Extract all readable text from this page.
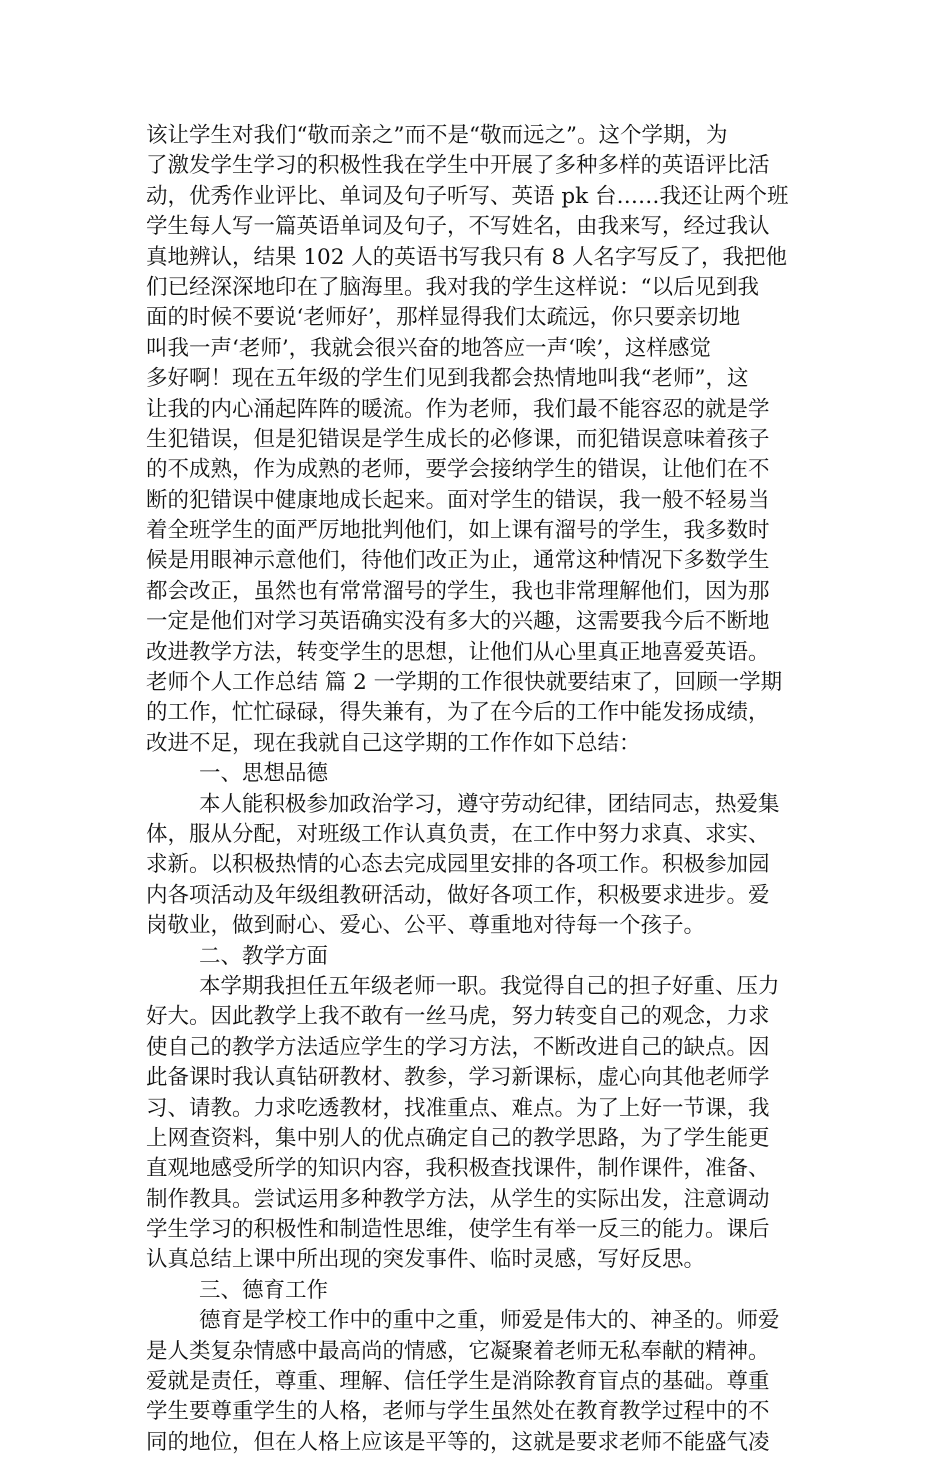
该让学生对我们“敬而亲之”而不是“敬而远之”。这个学期，为
了激发学生学习的积极性我在学生中开展了多种多样的英语评比活
动，优秀作业评比、单词及句子听写、英语 pk 台……我还让两个班
学生每人写一篇英语单词及句子，不写姓名，由我来写，经过我认
真地辨认，结果 102 人的英语书写我只有 8 人名字写反了，我把他
们已经深深地印在了脑海里。我对我的学生这样说：“以后见到我
面的时候不要说‘老师好’，那样显得我们太疏远，你只要亲切地
叫我一声‘老师’，我就会很兴奋的地答应一声‘唉’，这样感觉
多好啊！现在五年级的学生们见到我都会热情地叫我“老师”，这
让我的内心涌起阵阵的暖流。作为老师，我们最不能容忍的就是学
生犯错误，但是犯错误是学生成长的必修课，而犯错误意味着孩子
的不成熟，作为成熟的老师，要学会接纳学生的错误，让他们在不
断的犯错误中健康地成长起来。面对学生的错误，我一般不轻易当
着全班学生的面严厉地批判他们，如上课有溜号的学生，我多数时
候是用眼神示意他们，待他们改正为止，通常这种情况下多数学生
都会改正，虽然也有常常溜号的学生，我也非常理解他们，因为那
一定是他们对学习英语确实没有多大的兴趣，这需要我今后不断地
改进教学方法，转变学生的思想，让他们从心里真正地喜爱英语。
老师个人工作总结 篇 2 一学期的工作很快就要结束了，回顾一学期
的工作，忙忙碌碌，得失兼有，为了在今后的工作中能发扬成绩，
改进不足，现在我就自己这学期的工作作如下总结：
一、思想品德
本人能积极参加政治学习，遵守劳动纪律，团结同志，热爱集
体，服从分配，对班级工作认真负责，在工作中努力求真、求实、
求新。以积极热情的心态去完成园里安排的各项工作。积极参加园
内各项活动及年级组教研活动，做好各项工作，积极要求进步。爱
岗敬业，做到耐心、爱心、公平、尊重地对待每一个孩子。
二、教学方面
本学期我担任五年级老师一职。我觉得自己的担子好重、压力
好大。因此教学上我不敢有一丝马虎，努力转变自己的观念，力求
使自己的教学方法适应学生的学习方法，不断改进自己的缺点。因
此备课时我认真钻研教材、教参，学习新课标，虚心向其他老师学
习、请教。力求吃透教材，找准重点、难点。为了上好一节课，我
上网查资料，集中别人的优点确定自己的教学思路，为了学生能更
直观地感受所学的知识内容，我积极查找课件，制作课件，准备、
制作教具。尝试运用多种教学方法，从学生的实际出发，注意调动
学生学习的积极性和制造性思维，使学生有举一反三的能力。课后
认真总结上课中所出现的突发事件、临时灵感，写好反思。
三、德育工作
德育是学校工作中的重中之重，师爱是伟大的、神圣的。师爱
是人类复杂情感中最高尚的情感，它凝聚着老师无私奉献的精神。
爱就是责任，尊重、理解、信任学生是消除教育盲点的基础。尊重
学生要尊重学生的人格，老师与学生虽然处在教育教学过程中的不
同的地位，但在人格上应该是平等的，这就是要求老师不能盛气凌
